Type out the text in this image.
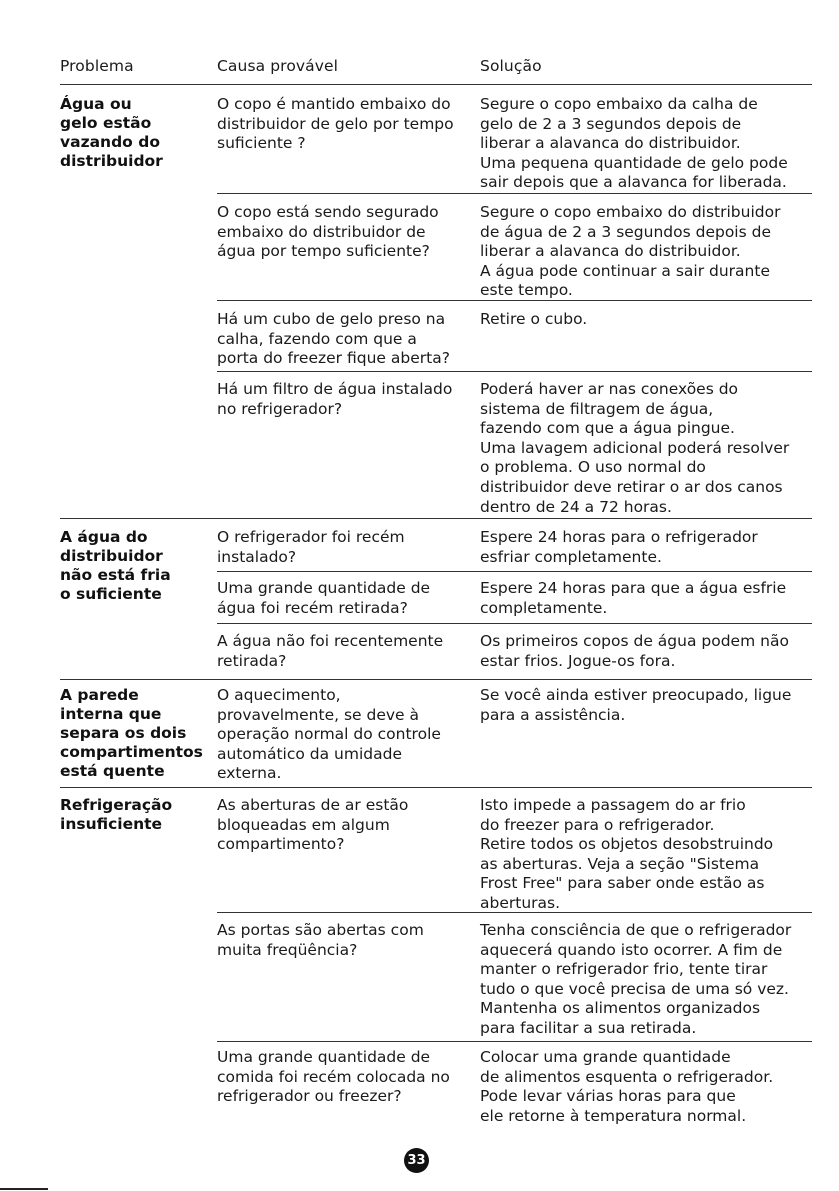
Problema	Causa provável	Solução
Água ou
gelo estão
vazando do
distribuidor
O copo é mantido embaixo do
distribuidor de gelo por tempo
suficiente ?
Segure o copo embaixo da calha de
gelo de 2 a 3 segundos depois de
liberar a alavanca do distribuidor.
Uma pequena quantidade de gelo pode
sair depois que a alavanca for liberada.
O copo está sendo segurado
embaixo do distribuidor de
água por tempo suficiente?
Segure o copo embaixo do distribuidor
de água de 2 a 3 segundos depois de
liberar a alavanca do distribuidor.
A água pode continuar a sair durante
este tempo.
Há um cubo de gelo preso na
calha, fazendo com que a
porta do freezer fique aberta?
Retire o cubo.
Há um filtro de água instalado
no refrigerador?
Poderá haver ar nas conexões do
sistema de filtragem de água,
fazendo com que a água pingue.
Uma lavagem adicional poderá resolver
o problema. O uso normal do
distribuidor deve retirar o ar dos canos
dentro de 24 a 72 horas.
A água do
distribuidor
não está fria
o suficiente
O refrigerador foi recém
instalado?
Espere 24 horas para o refrigerador
esfriar completamente.
Uma grande quantidade de
água foi recém retirada?
Espere 24 horas para que a água esfrie
completamente.
A água não foi recentemente
retirada?
Os primeiros copos de água podem não
estar frios. Jogue-os fora.
A parede
interna que
separa os dois
compartimentos
está quente
O aquecimento,
provavelmente, se deve à
operação normal do controle
automático da umidade
externa.
Se você ainda estiver preocupado, ligue
para a assistência.
Refrigeração
insuficiente
As aberturas de ar estão
bloqueadas em algum
compartimento?
Isto impede a passagem do ar frio
do freezer para o refrigerador.
Retire todos os objetos desobstruindo
as aberturas. Veja a seção "Sistema
Frost Free" para saber onde estão as
aberturas.
As portas são abertas com
muita freqüência?
Tenha consciência de que o refrigerador
aquecerá quando isto ocorrer. A fim de
manter o refrigerador frio, tente tirar
tudo o que você precisa de uma só vez.
Mantenha os alimentos organizados
para facilitar a sua retirada.
Uma grande quantidade de
comida foi recém colocada no
refrigerador ou freezer?
Colocar uma grande quantidade
de alimentos esquenta o refrigerador.
Pode levar várias horas para que
ele retorne à temperatura normal.
33
